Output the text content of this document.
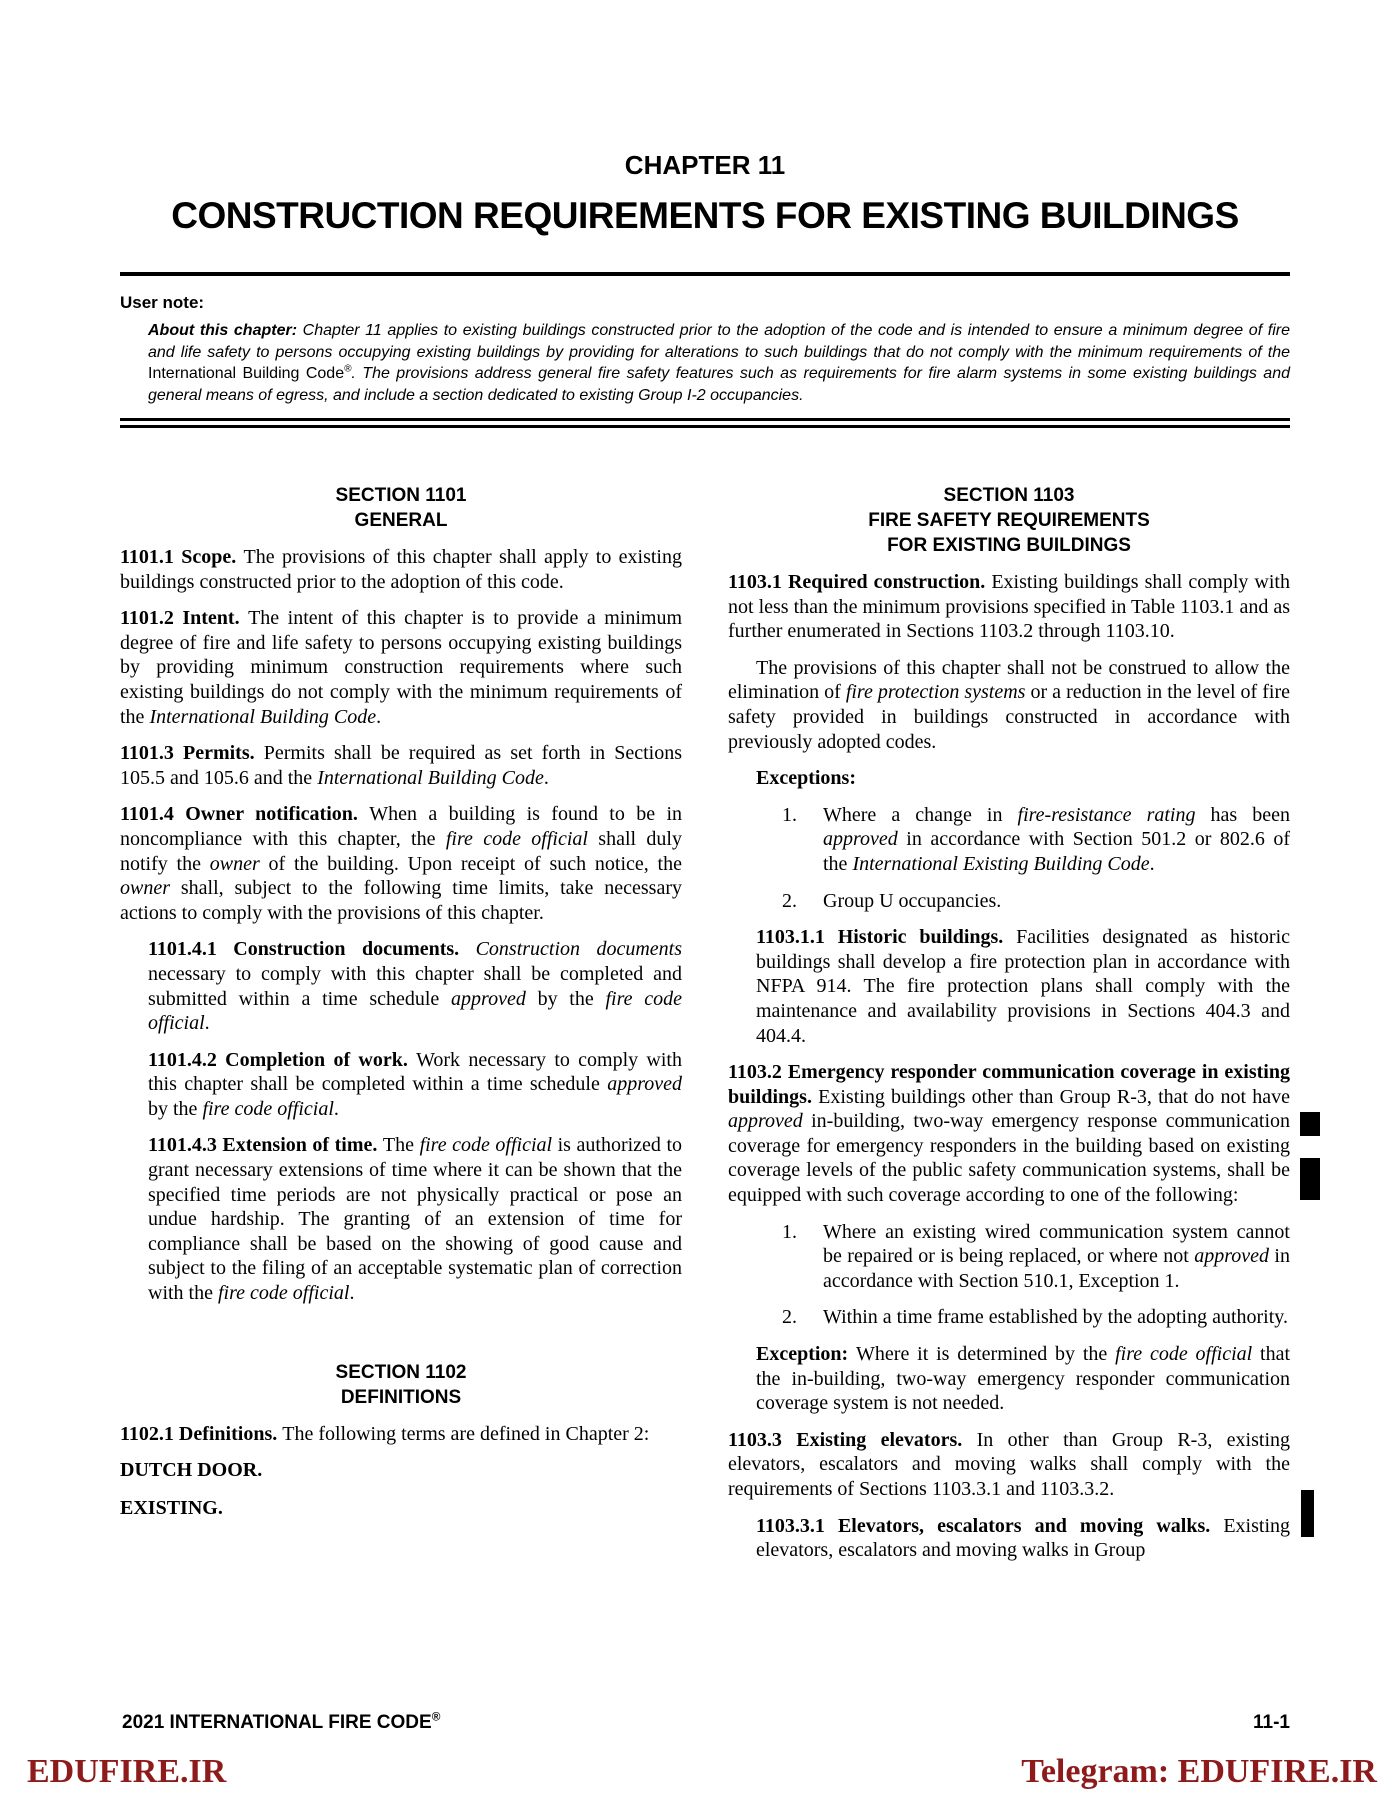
CHAPTER 11
CONSTRUCTION REQUIREMENTS FOR EXISTING BUILDINGS
User note:

About this chapter: Chapter 11 applies to existing buildings constructed prior to the adoption of the code and is intended to ensure a minimum degree of fire and life safety to persons occupying existing buildings by providing for alterations to such buildings that do not comply with the minimum requirements of the International Building Code®. The provisions address general fire safety features such as requirements for fire alarm systems in some existing buildings and general means of egress, and include a section dedicated to existing Group I-2 occupancies.

SECTION 1101
GENERAL

1101.1 Scope. The provisions of this chapter shall apply to existing buildings constructed prior to the adoption of this code.

1101.2 Intent. The intent of this chapter is to provide a minimum degree of fire and life safety to persons occupying existing buildings by providing minimum construction requirements where such existing buildings do not comply with the minimum requirements of the International Building Code.

1101.3 Permits. Permits shall be required as set forth in Sections 105.5 and 105.6 and the International Building Code.

1101.4 Owner notification. When a building is found to be in noncompliance with this chapter, the fire code official shall duly notify the owner of the building. Upon receipt of such notice, the owner shall, subject to the following time limits, take necessary actions to comply with the provisions of this chapter.

1101.4.1 Construction documents. Construction documents necessary to comply with this chapter shall be completed and submitted within a time schedule approved by the fire code official.

1101.4.2 Completion of work. Work necessary to comply with this chapter shall be completed within a time schedule approved by the fire code official.

1101.4.3 Extension of time. The fire code official is authorized to grant necessary extensions of time where it can be shown that the specified time periods are not physically practical or pose an undue hardship. The granting of an extension of time for compliance shall be based on the showing of good cause and subject to the filing of an acceptable systematic plan of correction with the fire code official.

SECTION 1102
DEFINITIONS

1102.1 Definitions. The following terms are defined in Chapter 2:

DUTCH DOOR.

EXISTING.

SECTION 1103
FIRE SAFETY REQUIREMENTS
FOR EXISTING BUILDINGS

1103.1 Required construction. Existing buildings shall comply with not less than the minimum provisions specified in Table 1103.1 and as further enumerated in Sections 1103.2 through 1103.10.

The provisions of this chapter shall not be construed to allow the elimination of fire protection systems or a reduction in the level of fire safety provided in buildings constructed in accordance with previously adopted codes.

Exceptions:

1. Where a change in fire-resistance rating has been approved in accordance with Section 501.2 or 802.6 of the International Existing Building Code.
2. Group U occupancies.

1103.1.1 Historic buildings. Facilities designated as historic buildings shall develop a fire protection plan in accordance with NFPA 914. The fire protection plans shall comply with the maintenance and availability provisions in Sections 404.3 and 404.4.

1103.2 Emergency responder communication coverage in existing buildings. Existing buildings other than Group R-3, that do not have approved in-building, two-way emergency response communication coverage for emergency responders in the building based on existing coverage levels of the public safety communication systems, shall be equipped with such coverage according to one of the following:

1. Where an existing wired communication system cannot be repaired or is being replaced, or where not approved in accordance with Section 510.1, Exception 1.
2. Within a time frame established by the adopting authority.

Exception: Where it is determined by the fire code official that the in-building, two-way emergency responder communication coverage system is not needed.

1103.3 Existing elevators. In other than Group R-3, existing elevators, escalators and moving walks shall comply with the requirements of Sections 1103.3.1 and 1103.3.2.

1103.3.1 Elevators, escalators and moving walks. Existing elevators, escalators and moving walks in Group

2021 INTERNATIONAL FIRE CODE®	11-1
EDUFIRE.IR	Telegram: EDUFIRE.IR
